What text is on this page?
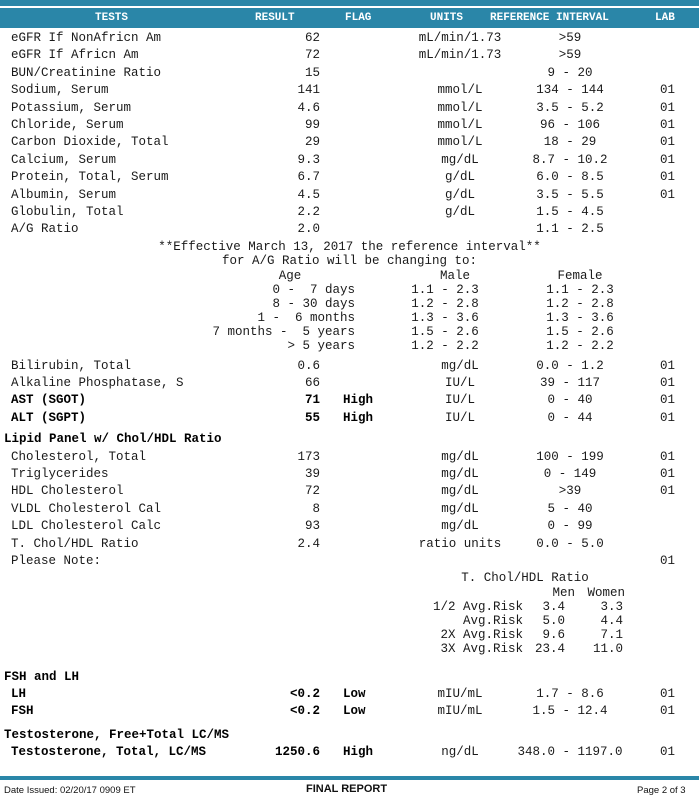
TESTS	RESULT	FLAG	UNITS REFERENCE INTERVAL	LAB
eGFR If NonAfricn Am	62	mL/min/1.73	>59
eGFR If Africn Am	72	mL/min/1.73	>59
BUN/Creatinine Ratio	15	9 - 20
Sodium, Serum	141	mmol/L	134 - 144	01
Potassium, Serum	4.6	mmol/L	3.5 - 5.2	01
Chloride, Serum	99	mmol/L	96 - 106	01
Carbon Dioxide, Total	29	mmol/L	18 - 29	01
Calcium, Serum	9.3	mg/dL	8.7 - 10.2	01
Protein, Total, Serum	6.7	g/dL	6.0 - 8.5	01
Albumin, Serum	4.5	g/dL	3.5 - 5.5	01
Globulin, Total	2.2	g/dL	1.5 - 4.5
A/G Ratio	2.0	1.1 - 2.5
**Effective March 13, 2017 the reference interval**
for A/G Ratio will be changing to:
Age	Male	Female
0 -  7 days	1.1 - 2.3	1.1 - 2.3
8 - 30 days	1.2 - 2.8	1.2 - 2.8
1 -  6 months	1.3 - 3.6	1.3 - 3.6
7 months -  5 years	1.5 - 2.6	1.5 - 2.6
> 5 years	1.2 - 2.2	1.2 - 2.2
Bilirubin, Total	0.6	mg/dL	0.0 - 1.2	01
Alkaline Phosphatase, S	66	IU/L	39 - 117	01
AST (SGOT)	71 High	IU/L	0 - 40	01
ALT (SGPT)	55 High	IU/L	0 - 44	01
Lipid Panel w/ Chol/HDL Ratio
Cholesterol, Total	173	mg/dL	100 - 199	01
Triglycerides	39	mg/dL	0 - 149	01
HDL Cholesterol	72	mg/dL	>39	01
VLDL Cholesterol Cal	8	mg/dL	5 - 40
LDL Cholesterol Calc	93	mg/dL	0 - 99
T. Chol/HDL Ratio	2.4	ratio units	0.0 - 5.0
Please Note:	01
T. Chol/HDL Ratio
Men Women
1/2 Avg.Risk	3.4	3.3
Avg.Risk	5.0	4.4
2X Avg.Risk	9.6	7.1
3X Avg.Risk 23.4	11.0
FSH and LH
LH	<0.2 Low	mIU/mL	1.7 - 8.6	01
FSH	<0.2 Low	mIU/mL	1.5 - 12.4	01
Testosterone, Free+Total LC/MS
Testosterone, Total, LC/MS	1250.6 High	ng/dL	348.0 - 1197.0	01
Date Issued: 02/20/17 0909 ET	FINAL REPORT	Page 2 of 3
